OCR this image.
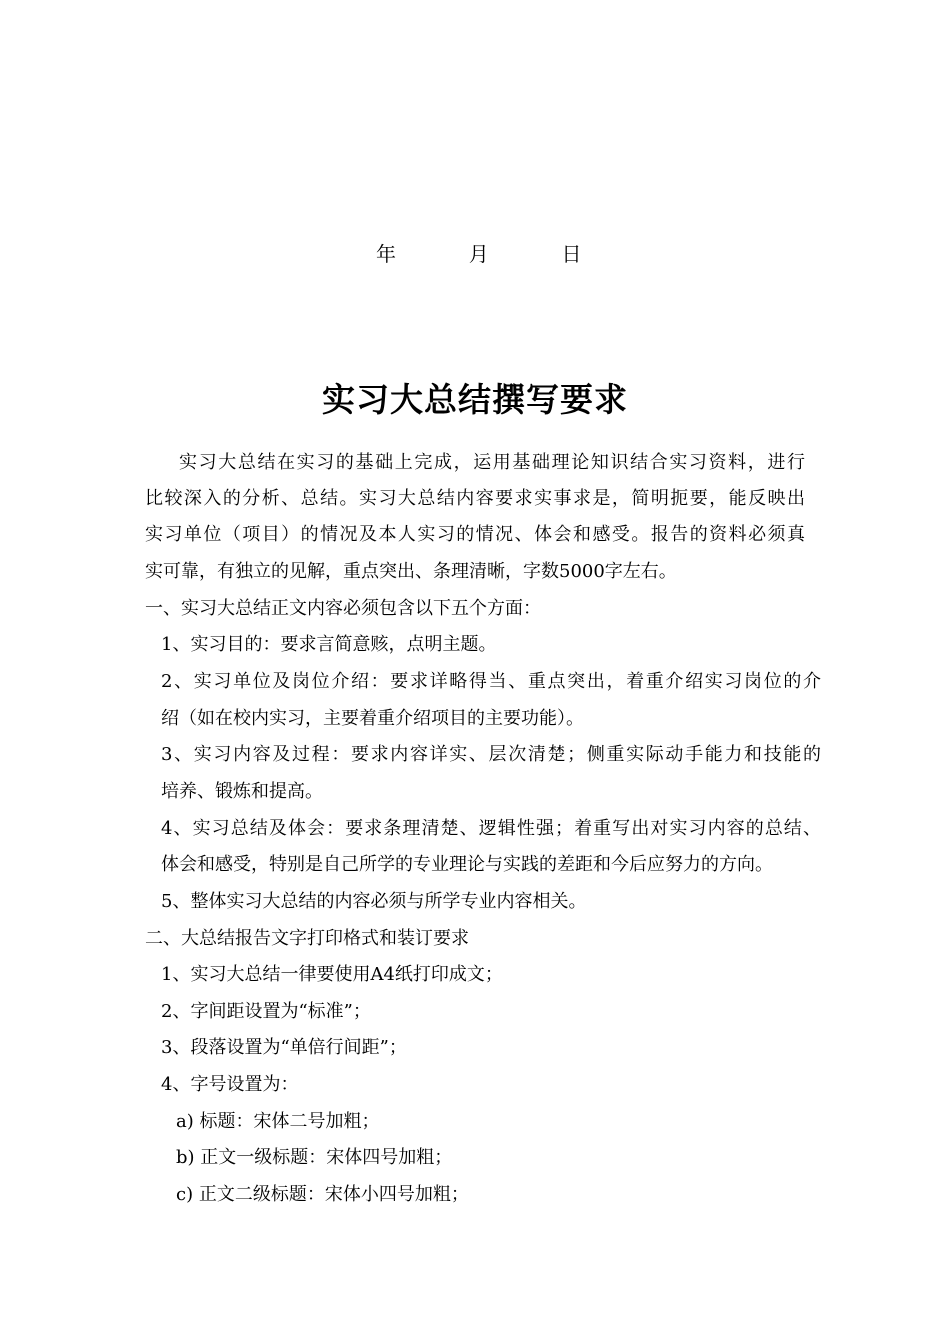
年	月	日
实习大总结撰写要求
实习大总结在实习的基础上完成，运用基础理论知识结合实习资料，进行
比较深入的分析、总结。实习大总结内容要求实事求是，简明扼要，能反映出
实习单位（项目）的情况及本人实习的情况、体会和感受。报告的资料必须真
实可靠，有独立的见解，重点突出、条理清晰，字数5000字左右。
一、实习大总结正文内容必须包含以下五个方面：
1、实习目的：要求言简意赅，点明主题。
2、实习单位及岗位介绍：要求详略得当、重点突出，着重介绍实习岗位的介
绍（如在校内实习，主要着重介绍项目的主要功能）。
3、实习内容及过程：要求内容详实、层次清楚；侧重实际动手能力和技能的
培养、锻炼和提高。
4、实习总结及体会：要求条理清楚、逻辑性强；着重写出对实习内容的总结、
体会和感受，特别是自己所学的专业理论与实践的差距和今后应努力的方向。
5、整体实习大总结的内容必须与所学专业内容相关。
二、大总结报告文字打印格式和装订要求
1、实习大总结一律要使用A4纸打印成文；
2、字间距设置为“标准”；
3、段落设置为“单倍行间距”；
4、字号设置为：
a) 标题：宋体二号加粗；
b) 正文一级标题：宋体四号加粗；
c) 正文二级标题：宋体小四号加粗；
